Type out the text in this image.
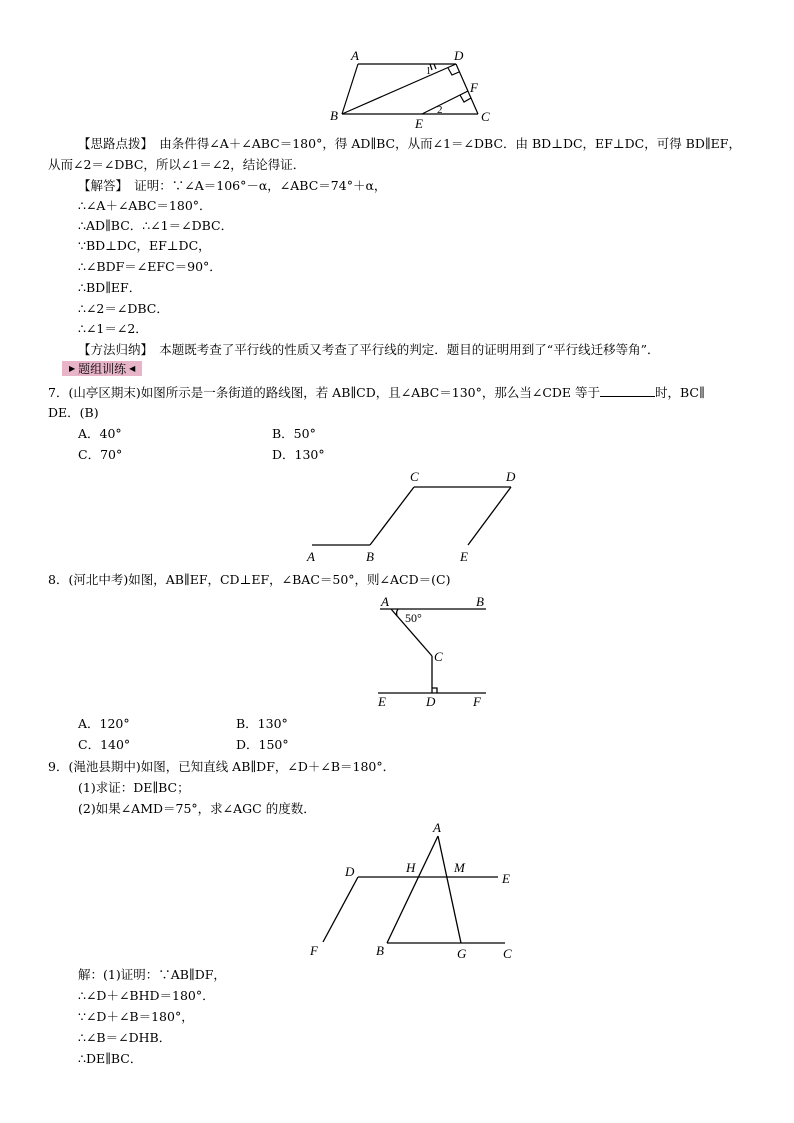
A	D
B	C
E
F
1
2
【思路点拨】　由条件得∠A＋∠ABC＝180°，得 AD∥BC，从而∠1＝∠DBC．由 BD⊥DC，EF⊥DC，可得 BD∥EF，
从而∠2＝∠DBC，所以∠1＝∠2，结论得证．
【解答】　证明：∵∠A＝106°－α，∠ABC＝74°＋α，
∴∠A＋∠ABC＝180°．
∴AD∥BC．∴∠1＝∠DBC．
∵BD⊥DC，EF⊥DC，
∴∠BDF＝∠EFC＝90°．
∴BD∥EF．
∴∠2＝∠DBC．
∴∠1＝∠2．
【方法归纳】　本题既考查了平行线的性质又考查了平行线的判定．题目的证明用到了“平行线迁移等角”．
▶ 题组训练 ◀
7．(山亭区期末)如图所示是一条街道的路线图，若 AB∥CD，且∠ABC＝130°，那么当∠CDE 等于	时，BC∥
DE．(B)
A．40°	B．50°
C．70°	D．130°
A	B
C	D
E
8．(河北中考)如图，AB∥EF，CD⊥EF，∠BAC＝50°，则∠ACD＝(C)
A	B
50°
C
E	D	F
A．120°	B．130°
C．140°	D．150°
9．(渑池县期中)如图，已知直线 AB∥DF，∠D＋∠B＝180°．
(1)求证：DE∥BC；
(2)如果∠AMD＝75°，求∠AGC 的度数．
A
H	M
D	E
F	B	G	C
解：(1)证明：∵AB∥DF，
∴∠D＋∠BHD＝180°．
∵∠D＋∠B＝180°，
∴∠B＝∠DHB．
∴DE∥BC．
